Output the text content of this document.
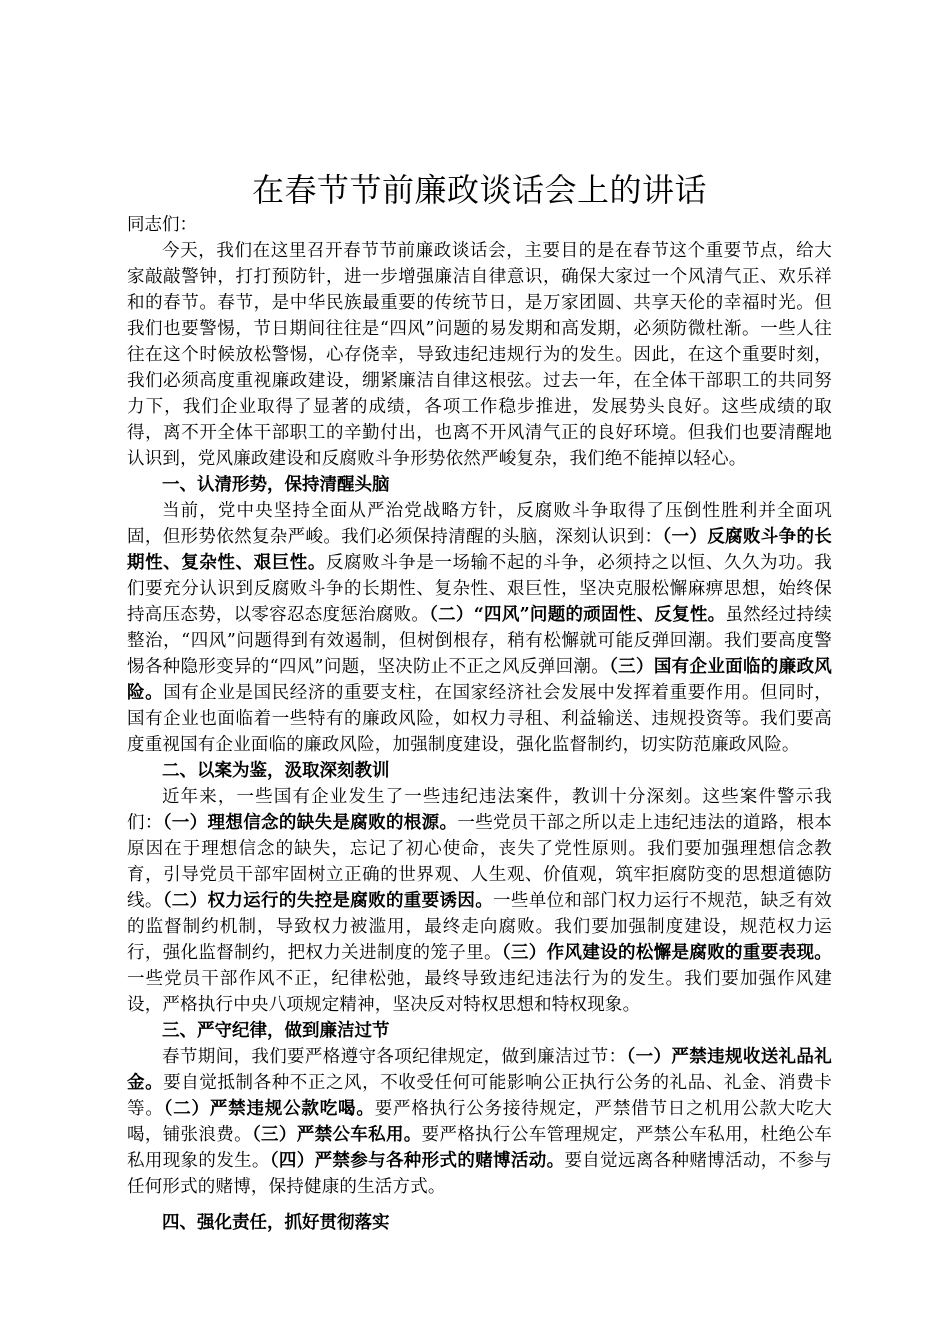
在春节节前廉政谈话会上的讲话

同志们：

今天，我们在这里召开春节节前廉政谈话会，主要目的是在春节这个重要节点，给大家敲敲警钟，打打预防针，进一步增强廉洁自律意识，确保大家过一个风清气正、欢乐祥和的春节。春节，是中华民族最重要的传统节日，是万家团圆、共享天伦的幸福时光。但我们也要警惕，节日期间往往是“四风”问题的易发期和高发期，必须防微杜渐。一些人往往在这个时候放松警惕，心存侥幸，导致违纪违规行为的发生。因此，在这个重要时刻，我们必须高度重视廉政建设，绷紧廉洁自律这根弦。过去一年，在全体干部职工的共同努力下，我们企业取得了显著的成绩，各项工作稳步推进，发展势头良好。这些成绩的取得，离不开全体干部职工的辛勤付出，也离不开风清气正的良好环境。但我们也要清醒地认识到，党风廉政建设和反腐败斗争形势依然严峻复杂，我们绝不能掉以轻心。

一、认清形势，保持清醒头脑

当前，党中央坚持全面从严治党战略方针，反腐败斗争取得了压倒性胜利并全面巩固，但形势依然复杂严峻。我们必须保持清醒的头脑，深刻认识到：（一）反腐败斗争的长期性、复杂性、艰巨性。反腐败斗争是一场输不起的斗争，必须持之以恒、久久为功。我们要充分认识到反腐败斗争的长期性、复杂性、艰巨性，坚决克服松懈麻痹思想，始终保持高压态势，以零容忍态度惩治腐败。（二）“四风”问题的顽固性、反复性。虽然经过持续整治，“四风”问题得到有效遏制，但树倒根存，稍有松懈就可能反弹回潮。我们要高度警惕各种隐形变异的“四风”问题，坚决防止不正之风反弹回潮。（三）国有企业面临的廉政风险。国有企业是国民经济的重要支柱，在国家经济社会发展中发挥着重要作用。但同时，国有企业也面临着一些特有的廉政风险，如权力寻租、利益输送、违规投资等。我们要高度重视国有企业面临的廉政风险，加强制度建设，强化监督制约，切实防范廉政风险。

二、以案为鉴，汲取深刻教训

近年来，一些国有企业发生了一些违纪违法案件，教训十分深刻。这些案件警示我们：（一）理想信念的缺失是腐败的根源。一些党员干部之所以走上违纪违法的道路，根本原因在于理想信念的缺失，忘记了初心使命，丧失了党性原则。我们要加强理想信念教育，引导党员干部牢固树立正确的世界观、人生观、价值观，筑牢拒腐防变的思想道德防线。（二）权力运行的失控是腐败的重要诱因。一些单位和部门权力运行不规范，缺乏有效的监督制约机制，导致权力被滥用，最终走向腐败。我们要加强制度建设，规范权力运行，强化监督制约，把权力关进制度的笼子里。（三）作风建设的松懈是腐败的重要表现。一些党员干部作风不正，纪律松弛，最终导致违纪违法行为的发生。我们要加强作风建设，严格执行中央八项规定精神，坚决反对特权思想和特权现象。

三、严守纪律，做到廉洁过节

春节期间，我们要严格遵守各项纪律规定，做到廉洁过节：（一）严禁违规收送礼品礼金。要自觉抵制各种不正之风，不收受任何可能影响公正执行公务的礼品、礼金、消费卡等。（二）严禁违规公款吃喝。要严格执行公务接待规定，严禁借节日之机用公款大吃大喝，铺张浪费。（三）严禁公车私用。要严格执行公车管理规定，严禁公车私用，杜绝公车私用现象的发生。（四）严禁参与各种形式的赌博活动。要自觉远离各种赌博活动，不参与任何形式的赌博，保持健康的生活方式。

四、强化责任，抓好贯彻落实
